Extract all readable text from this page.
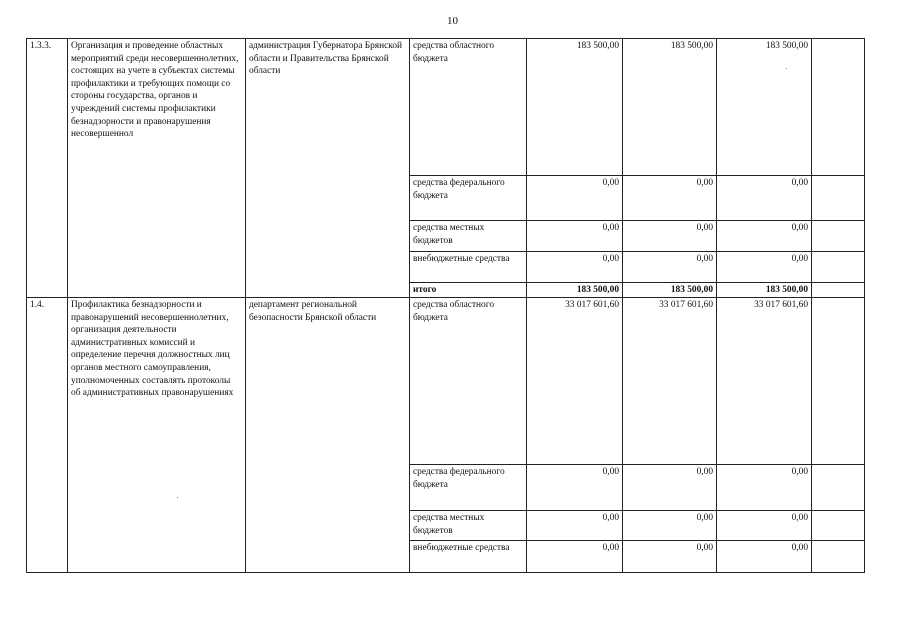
10
1.3.3.	Организация и проведение областных мероприятий среди несовершеннолетних, состоящих на учете в субъектах системы профилактики и требующих помощи со стороны государства, органов и учреждений системы профилактики безнадзорности и правонарушения несовершеннол	администрация Губернатора Брянской области и Правительства Брянской области	средства областного бюджета	183 500,00	183 500,00	183 500,00	
			средства федерального бюджета	0,00	0,00	0,00	
			средства местных бюджетов	0,00	0,00	0,00	
			внебюджетные средства	0,00	0,00	0,00	
			итого	183 500,00	183 500,00	183 500,00	
1.4.	Профилактика безнадзорности и правонарушений несовершеннолетних, организация деятельности административных комиссий и определение перечня должностных лиц органов местного самоуправления, уполномоченных составлять протоколы об административных правонарушениях	департамент региональной безопасности Брянской области	средства областного бюджета	33 017 601,60	33 017 601,60	33 017 601,60	
			средства федерального бюджета	0,00	0,00	0,00	
			средства местных бюджетов	0,00	0,00	0,00	
			внебюджетные средства	0,00	0,00	0,00	
